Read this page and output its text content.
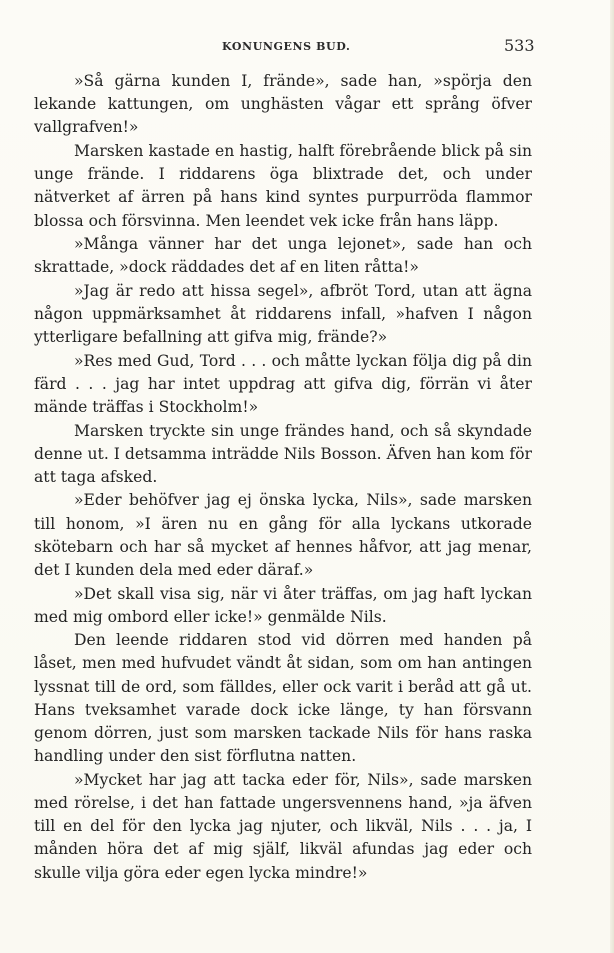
KONUNGENS BUD.	533

»Så gärna kunden I, frände», sade han, »spörja den lekande kattungen, om unghästen vågar ett språng öfver vallgrafven!»

Marsken kastade en hastig, halft förebrående blick på sin unge frände. I riddarens öga blixtrade det, och under nätverket af ärren på hans kind syntes purpurröda flammor blossa och försvinna. Men leendet vek icke från hans läpp.

»Många vänner har det unga lejonet», sade han och skrattade, »dock räddades det af en liten råtta!»

»Jag är redo att hissa segel», afbröt Tord, utan att ägna någon uppmärksamhet åt riddarens infall, »hafven I någon ytterligare befallning att gifva mig, frände?»

»Res med Gud, Tord . . . och måtte lyckan följa dig på din färd . . . jag har intet uppdrag att gifva dig, förrän vi åter mände träffas i Stockholm!»

Marsken tryckte sin unge frändes hand, och så skyndade denne ut. I detsamma inträdde Nils Bosson. Äfven han kom för att taga afsked.

»Eder behöfver jag ej önska lycka, Nils», sade marsken till honom, »I ären nu en gång för alla lyckans utkorade skötebarn och har så mycket af hennes håfvor, att jag menar, det I kunden dela med eder däraf.»

»Det skall visa sig, när vi åter träffas, om jag haft lyckan med mig ombord eller icke!» genmälde Nils.

Den leende riddaren stod vid dörren med handen på låset, men med hufvudet vändt åt sidan, som om han antingen lyssnat till de ord, som fälldes, eller ock varit i beråd att gå ut. Hans tveksamhet varade dock icke länge, ty han försvann genom dörren, just som marsken tackade Nils för hans raska handling under den sist förflutna natten.

»Mycket har jag att tacka eder för, Nils», sade marsken med rörelse, i det han fattade ungersvennens hand, »ja äfven till en del för den lycka jag njuter, och likväl, Nils . . . ja, I månden höra det af mig själf, likväl afundas jag eder och skulle vilja göra eder egen lycka mindre!»
